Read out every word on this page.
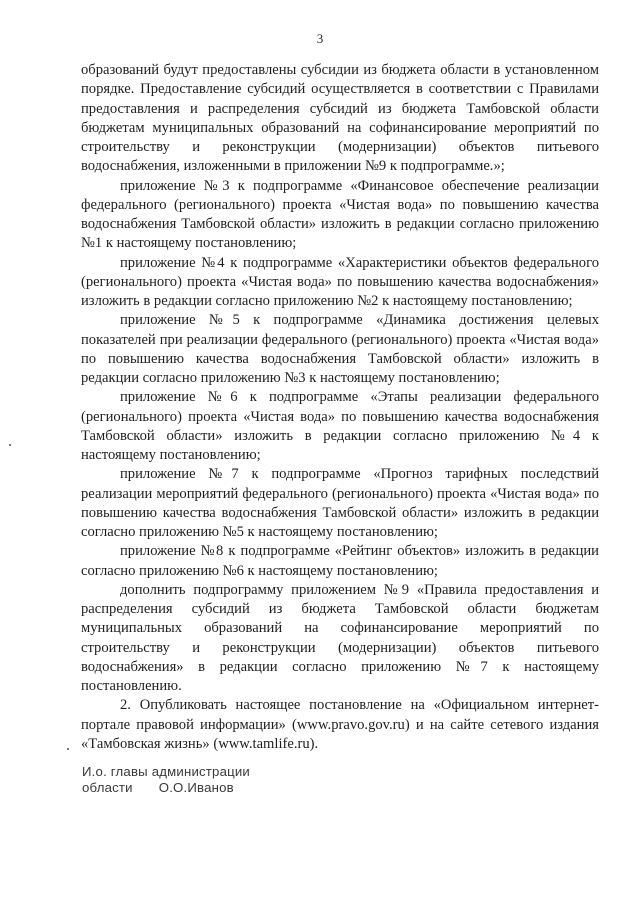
3

образований будут предоставлены субсидии из бюджета области в установленном порядке. Предоставление субсидий осуществляется в соответствии с Правилами предоставления и распределения субсидий из бюджета Тамбовской области бюджетам муниципальных образований на софинансирование мероприятий по строительству и реконструкции (модернизации) объектов питьевого водоснабжения, изложенными в приложении №9 к подпрограмме.»;

приложение №3 к подпрограмме «Финансовое обеспечение реализации федерального (регионального) проекта «Чистая вода» по повышению качества водоснабжения Тамбовской области» изложить в редакции согласно приложению №1 к настоящему постановлению;

приложение №4 к подпрограмме «Характеристики объектов федерального (регионального) проекта «Чистая вода» по повышению качества водоснабжения» изложить в редакции согласно приложению №2 к настоящему постановлению;

приложение №5 к подпрограмме «Динамика достижения целевых показателей при реализации федерального (регионального) проекта «Чистая вода» по повышению качества водоснабжения Тамбовской области» изложить в редакции согласно приложению №3 к настоящему постановлению;

приложение №6 к подпрограмме «Этапы реализации федерального (регионального) проекта «Чистая вода» по повышению качества водоснабжения Тамбовской области» изложить в редакции согласно приложению №4 к настоящему постановлению;

приложение №7 к подпрограмме «Прогноз тарифных последствий реализации мероприятий федерального (регионального) проекта «Чистая вода» по повышению качества водоснабжения Тамбовской области» изложить в редакции согласно приложению №5 к настоящему постановлению;

приложение №8 к подпрограмме «Рейтинг объектов» изложить в редакции согласно приложению №6 к настоящему постановлению;

дополнить подпрограмму приложением №9 «Правила предоставления и распределения субсидий из бюджета Тамбовской области бюджетам муниципальных образований на софинансирование мероприятий по строительству и реконструкции (модернизации) объектов питьевого водоснабжения» в редакции согласно приложению №7 к настоящему постановлению.

2. Опубликовать настоящее постановление на «Официальном интернет-портале правовой информации» (www.pravo.gov.ru) и на сайте сетевого издания «Тамбовская жизнь» (www.tamlife.ru).

И.о. главы администрации
области О.О.Иванов
